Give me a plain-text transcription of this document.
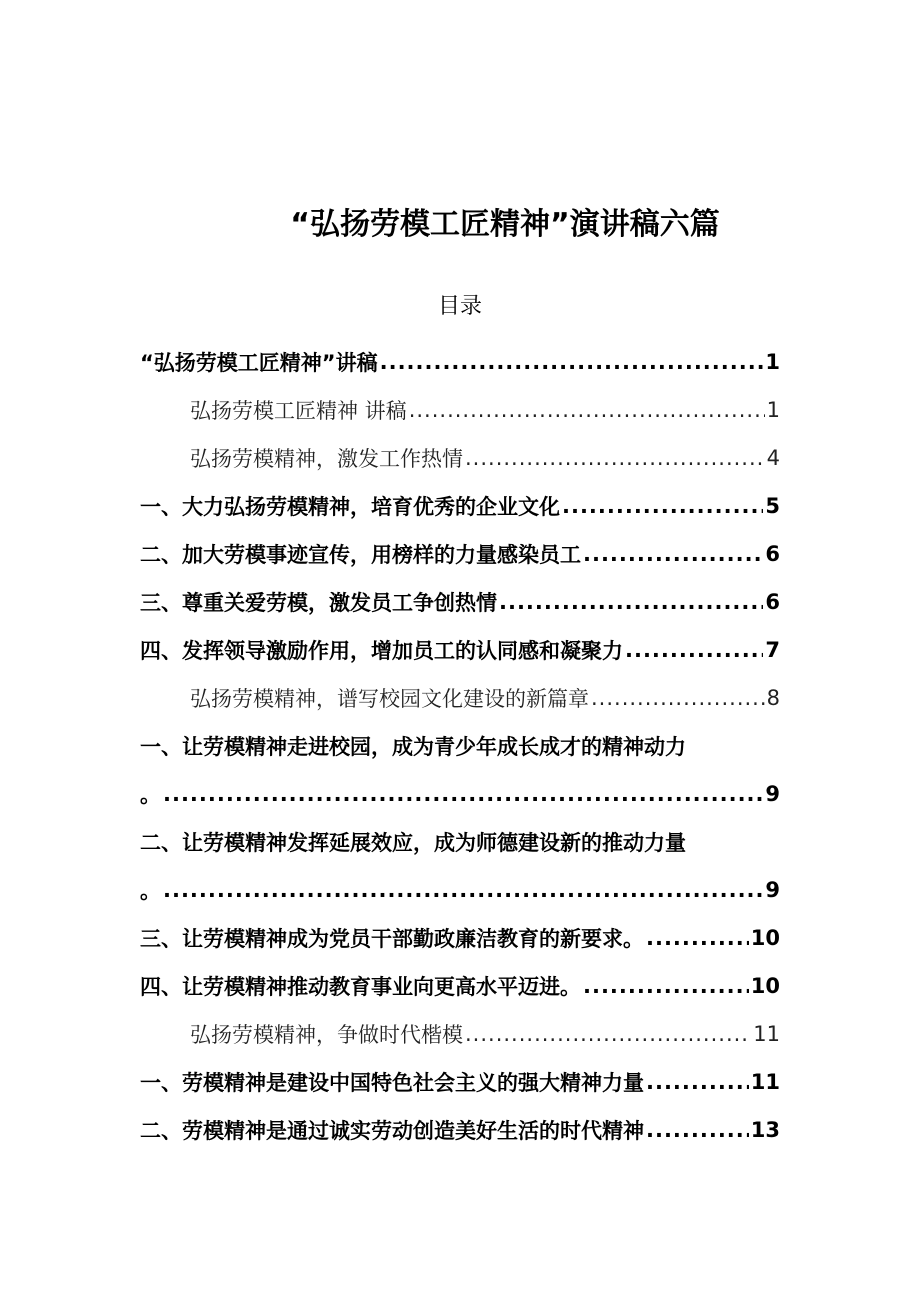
“弘扬劳模工匠精神”演讲稿六篇
目录
“弘扬劳模工匠精神”讲稿 .....	1
弘扬劳模工匠精神 讲稿 .....	1
弘扬劳模精神，激发工作热情 .....	4
一、大力弘扬劳模精神，培育优秀的企业文化 .....	5
二、加大劳模事迹宣传，用榜样的力量感染员工 .....	6
三、尊重关爱劳模，激发员工争创热情 .....	6
四、发挥领导激励作用，增加员工的认同感和凝聚力 .....	7
弘扬劳模精神，谱写校园文化建设的新篇章 .....	8
一、让劳模精神走进校园，成为青少年成长成才的精神动力
。 .....	9
二、让劳模精神发挥延展效应，成为师德建设新的推动力量
。 .....	9
三、让劳模精神成为党员干部勤政廉洁教育的新要求。 .....	10
四、让劳模精神推动教育事业向更高水平迈进。 .....	10
弘扬劳模精神，争做时代楷模 .....	11
一、劳模精神是建设中国特色社会主义的强大精神力量 .....	11
二、劳模精神是通过诚实劳动创造美好生活的时代精神 .....	13
